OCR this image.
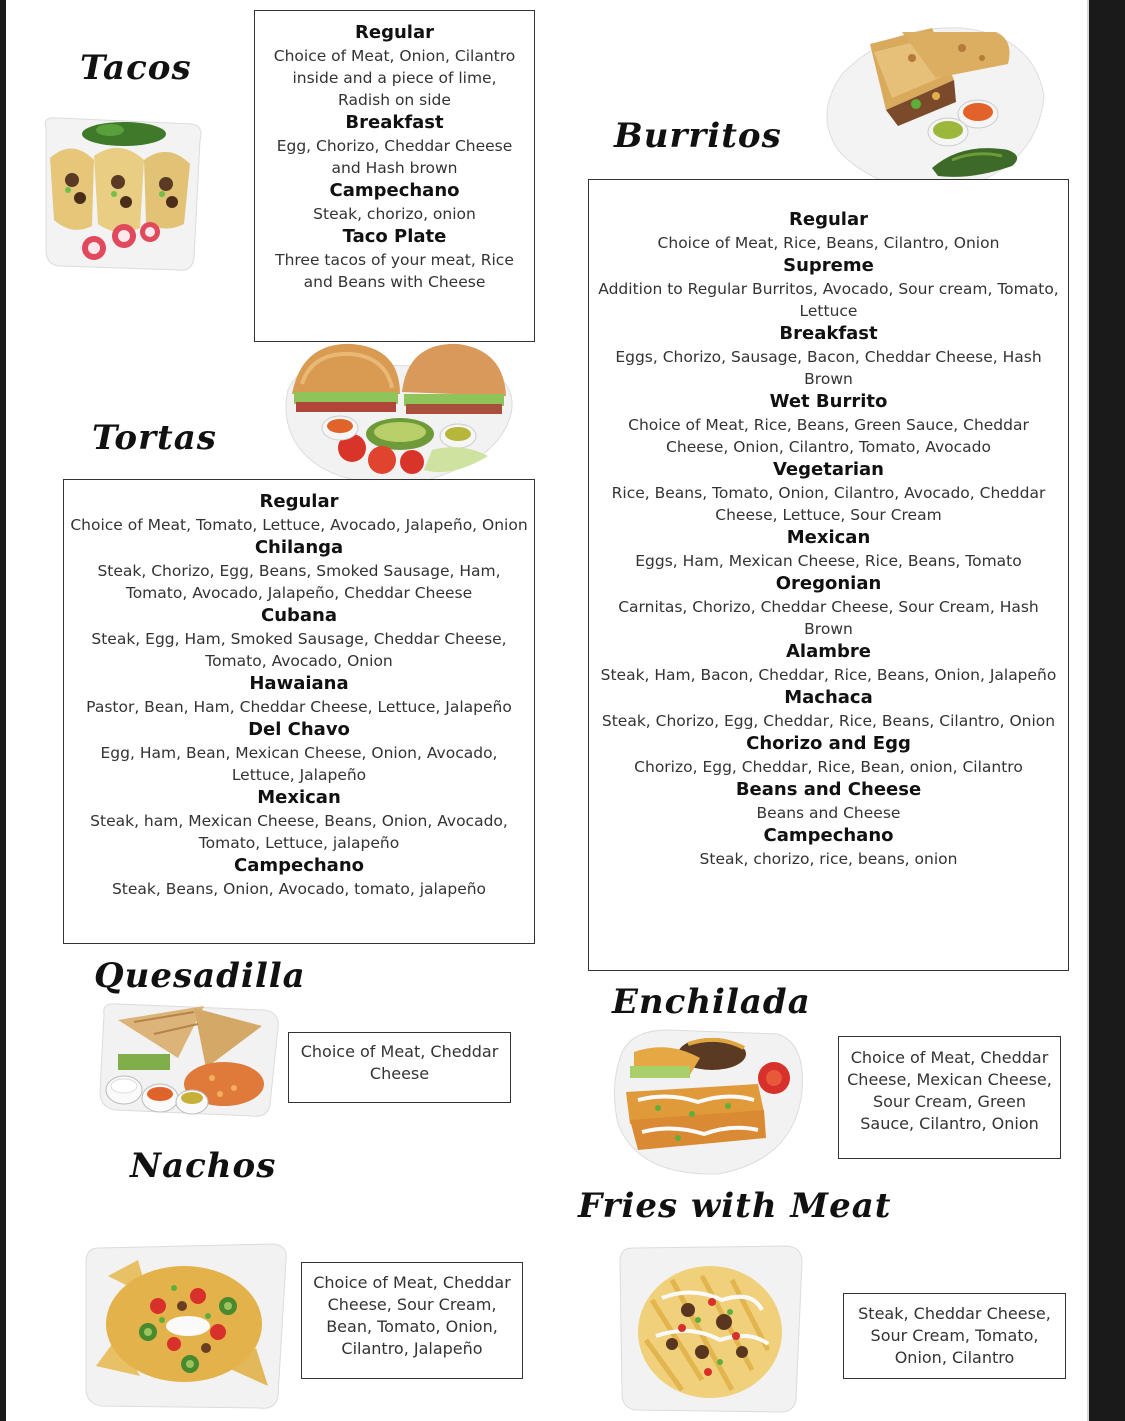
Tacos
Regular
Choice of Meat, Onion, Cilantro inside and a piece of lime, Radish on side
Breakfast
Egg, Chorizo, Cheddar Cheese and Hash brown
Campechano
Steak, chorizo, onion
Taco Plate
Three tacos of your meat, Rice and Beans with Cheese
Burritos
Regular
Choice of Meat, Rice, Beans, Cilantro, Onion
Supreme
Addition to Regular Burritos, Avocado, Sour cream, Tomato, Lettuce
Breakfast
Eggs, Chorizo, Sausage, Bacon, Cheddar Cheese, Hash Brown
Wet Burrito
Choice of Meat, Rice, Beans, Green Sauce, Cheddar Cheese, Onion, Cilantro, Tomato, Avocado
Vegetarian
Rice, Beans, Tomato, Onion, Cilantro, Avocado, Cheddar Cheese, Lettuce, Sour Cream
Mexican
Eggs, Ham, Mexican Cheese, Rice, Beans, Tomato
Oregonian
Carnitas, Chorizo, Cheddar Cheese, Sour Cream, Hash Brown
Alambre
Steak, Ham, Bacon, Cheddar, Rice, Beans, Onion, Jalapeño
Machaca
Steak, Chorizo, Egg, Cheddar, Rice, Beans, Cilantro, Onion
Chorizo and Egg
Chorizo, Egg, Cheddar, Rice, Bean, onion, Cilantro
Beans and Cheese
Beans and Cheese
Campechano
Steak, chorizo, rice, beans, onion
Tortas
Regular
Choice of Meat, Tomato, Lettuce, Avocado, Jalapeño, Onion
Chilanga
Steak, Chorizo, Egg, Beans, Smoked Sausage, Ham, Tomato, Avocado, Jalapeño, Cheddar Cheese
Cubana
Steak, Egg, Ham, Smoked Sausage, Cheddar Cheese, Tomato, Avocado, Onion
Hawaiana
Pastor, Bean, Ham, Cheddar Cheese, Lettuce, Jalapeño
Del Chavo
Egg, Ham, Bean, Mexican Cheese, Onion, Avocado, Lettuce, Jalapeño
Mexican
Steak, ham, Mexican Cheese, Beans, Onion, Avocado, Tomato, Lettuce, jalapeño
Campechano
Steak, Beans, Onion, Avocado, tomato, jalapeño
Quesadilla
Choice of Meat, Cheddar Cheese
Enchilada
Choice of Meat, Cheddar Cheese, Mexican Cheese, Sour Cream, Green Sauce, Cilantro, Onion
Nachos
Choice of Meat, Cheddar Cheese, Sour Cream, Bean, Tomato, Onion, Cilantro, Jalapeño
Fries with Meat
Steak, Cheddar Cheese, Sour Cream, Tomato, Onion, Cilantro
